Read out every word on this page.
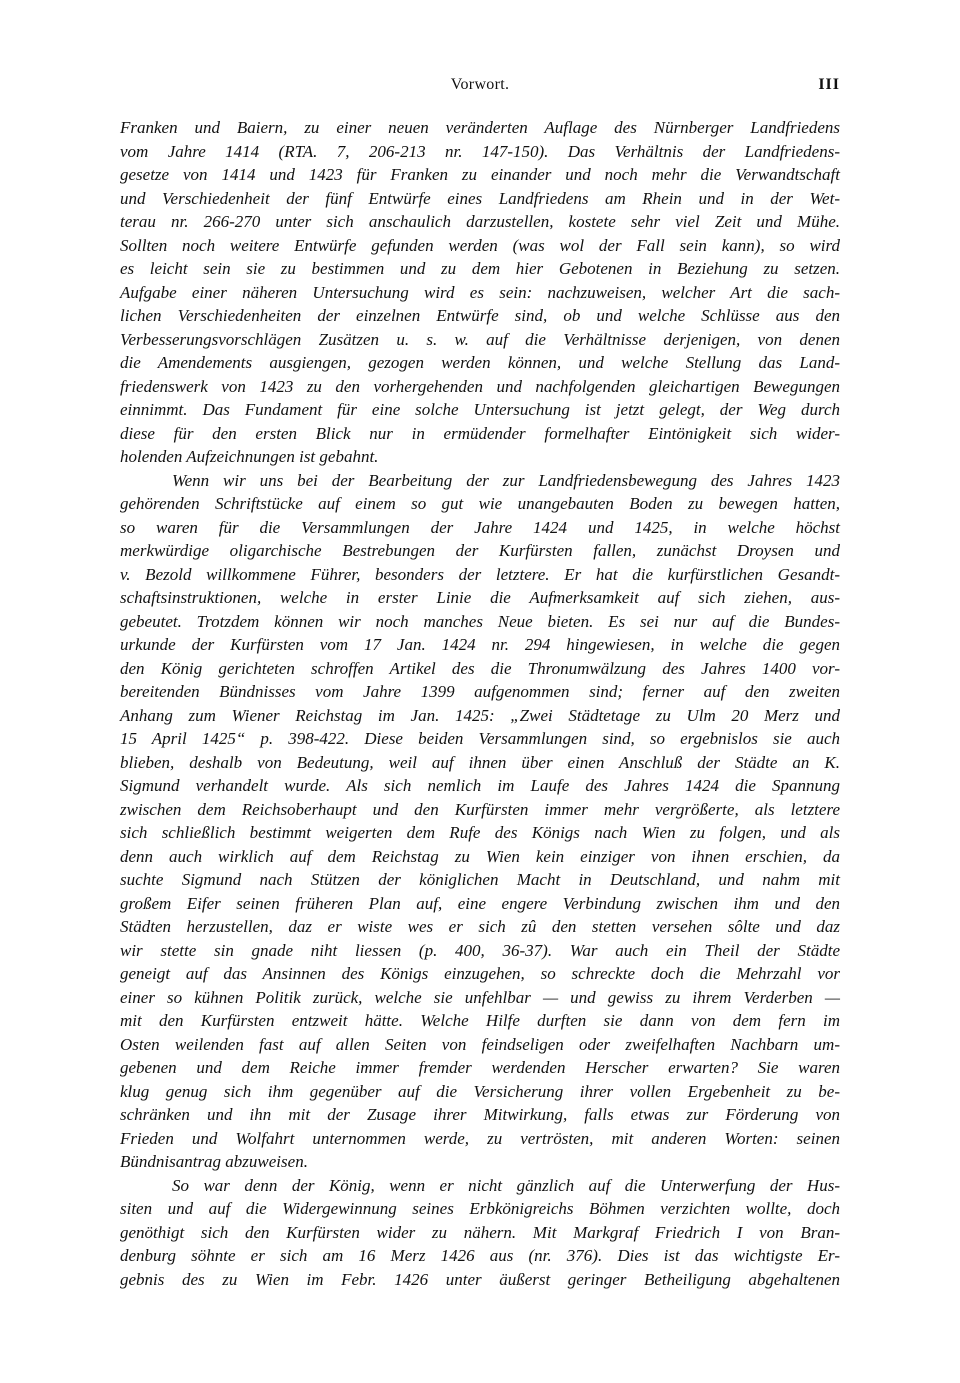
Vorwort.	III
Franken und Baiern, zu einer neuen veränderten Auflage des Nürnberger Landfriedens
vom Jahre 1414 (RTA. 7, 206-213 nr. 147-150). Das Verhältnis der Landfriedens-
gesetze von 1414 und 1423 für Franken zu einander und noch mehr die Verwandtschaft
und Verschiedenheit der fünf Entwürfe eines Landfriedens am Rhein und in der Wet-
terau nr. 266-270 unter sich anschaulich darzustellen, kostete sehr viel Zeit und Mühe.
Sollten noch weitere Entwürfe gefunden werden (was wol der Fall sein kann), so wird
es leicht sein sie zu bestimmen und zu dem hier Gebotenen in Beziehung zu setzen.
Aufgabe einer näheren Untersuchung wird es sein: nachzuweisen, welcher Art die sach-
lichen Verschiedenheiten der einzelnen Entwürfe sind, ob und welche Schlüsse aus den
Verbesserungsvorschlägen Zusätzen u. s. w. auf die Verhältnisse derjenigen, von denen
die Amendements ausgiengen, gezogen werden können, und welche Stellung das Land-
friedenswerk von 1423 zu den vorhergehenden und nachfolgenden gleichartigen Bewegungen
einnimmt. Das Fundament für eine solche Untersuchung ist jetzt gelegt, der Weg durch
diese für den ersten Blick nur in ermüdender formelhafter Eintönigkeit sich wider-
holenden Aufzeichnungen ist gebahnt.
Wenn wir uns bei der Bearbeitung der zur Landfriedensbewegung des Jahres 1423
gehörenden Schriftstücke auf einem so gut wie unangebauten Boden zu bewegen hatten,
so waren für die Versammlungen der Jahre 1424 und 1425, in welche höchst
merkwürdige oligarchische Bestrebungen der Kurfürsten fallen, zunächst Droysen und
v. Bezold willkommene Führer, besonders der letztere. Er hat die kurfürstlichen Gesandt-
schaftsinstruktionen, welche in erster Linie die Aufmerksamkeit auf sich ziehen, aus-
gebeutet. Trotzdem können wir noch manches Neue bieten. Es sei nur auf die Bundes-
urkunde der Kurfürsten vom 17 Jan. 1424 nr. 294 hingewiesen, in welche die gegen
den König gerichteten schroffen Artikel des die Thronumwälzung des Jahres 1400 vor-
bereitenden Bündnisses vom Jahre 1399 aufgenommen sind; ferner auf den zweiten
Anhang zum Wiener Reichstag im Jan. 1425: „Zwei Städtetage zu Ulm 20 Merz und
15 April 1425“ p. 398-422. Diese beiden Versammlungen sind, so ergebnislos sie auch
blieben, deshalb von Bedeutung, weil auf ihnen über einen Anschluß der Städte an K.
Sigmund verhandelt wurde. Als sich nemlich im Laufe des Jahres 1424 die Spannung
zwischen dem Reichsoberhaupt und den Kurfürsten immer mehr vergrößerte, als letztere
sich schließlich bestimmt weigerten dem Rufe des Königs nach Wien zu folgen, und als
denn auch wirklich auf dem Reichstag zu Wien kein einziger von ihnen erschien, da
suchte Sigmund nach Stützen der königlichen Macht in Deutschland, und nahm mit
großem Eifer seinen früheren Plan auf, eine engere Verbindung zwischen ihm und den
Städten herzustellen, daz er wiste wes er sich zû den stetten versehen sôlte und daz
wir stette sin gnade niht liessen (p. 400, 36-37). War auch ein Theil der Städte
geneigt auf das Ansinnen des Königs einzugehen, so schreckte doch die Mehrzahl vor
einer so kühnen Politik zurück, welche sie unfehlbar — und gewiss zu ihrem Verderben —
mit den Kurfürsten entzweit hätte. Welche Hilfe durften sie dann von dem fern im
Osten weilenden fast auf allen Seiten von feindseligen oder zweifelhaften Nachbarn um-
gebenen und dem Reiche immer fremder werdenden Herscher erwarten? Sie waren
klug genug sich ihm gegenüber auf die Versicherung ihrer vollen Ergebenheit zu be-
schränken und ihn mit der Zusage ihrer Mitwirkung, falls etwas zur Förderung von
Frieden und Wolfahrt unternommen werde, zu vertrösten, mit anderen Worten: seinen
Bündnisantrag abzuweisen.
So war denn der König, wenn er nicht gänzlich auf die Unterwerfung der Hus-
siten und auf die Widergewinnung seines Erbkönigreichs Böhmen verzichten wollte, doch
genöthigt sich den Kurfürsten wider zu nähern. Mit Markgraf Friedrich I von Bran-
denburg söhnte er sich am 16 Merz 1426 aus (nr. 376). Dies ist das wichtigste Er-
gebnis des zu Wien im Febr. 1426 unter äußerst geringer Betheiligung abgehaltenen
